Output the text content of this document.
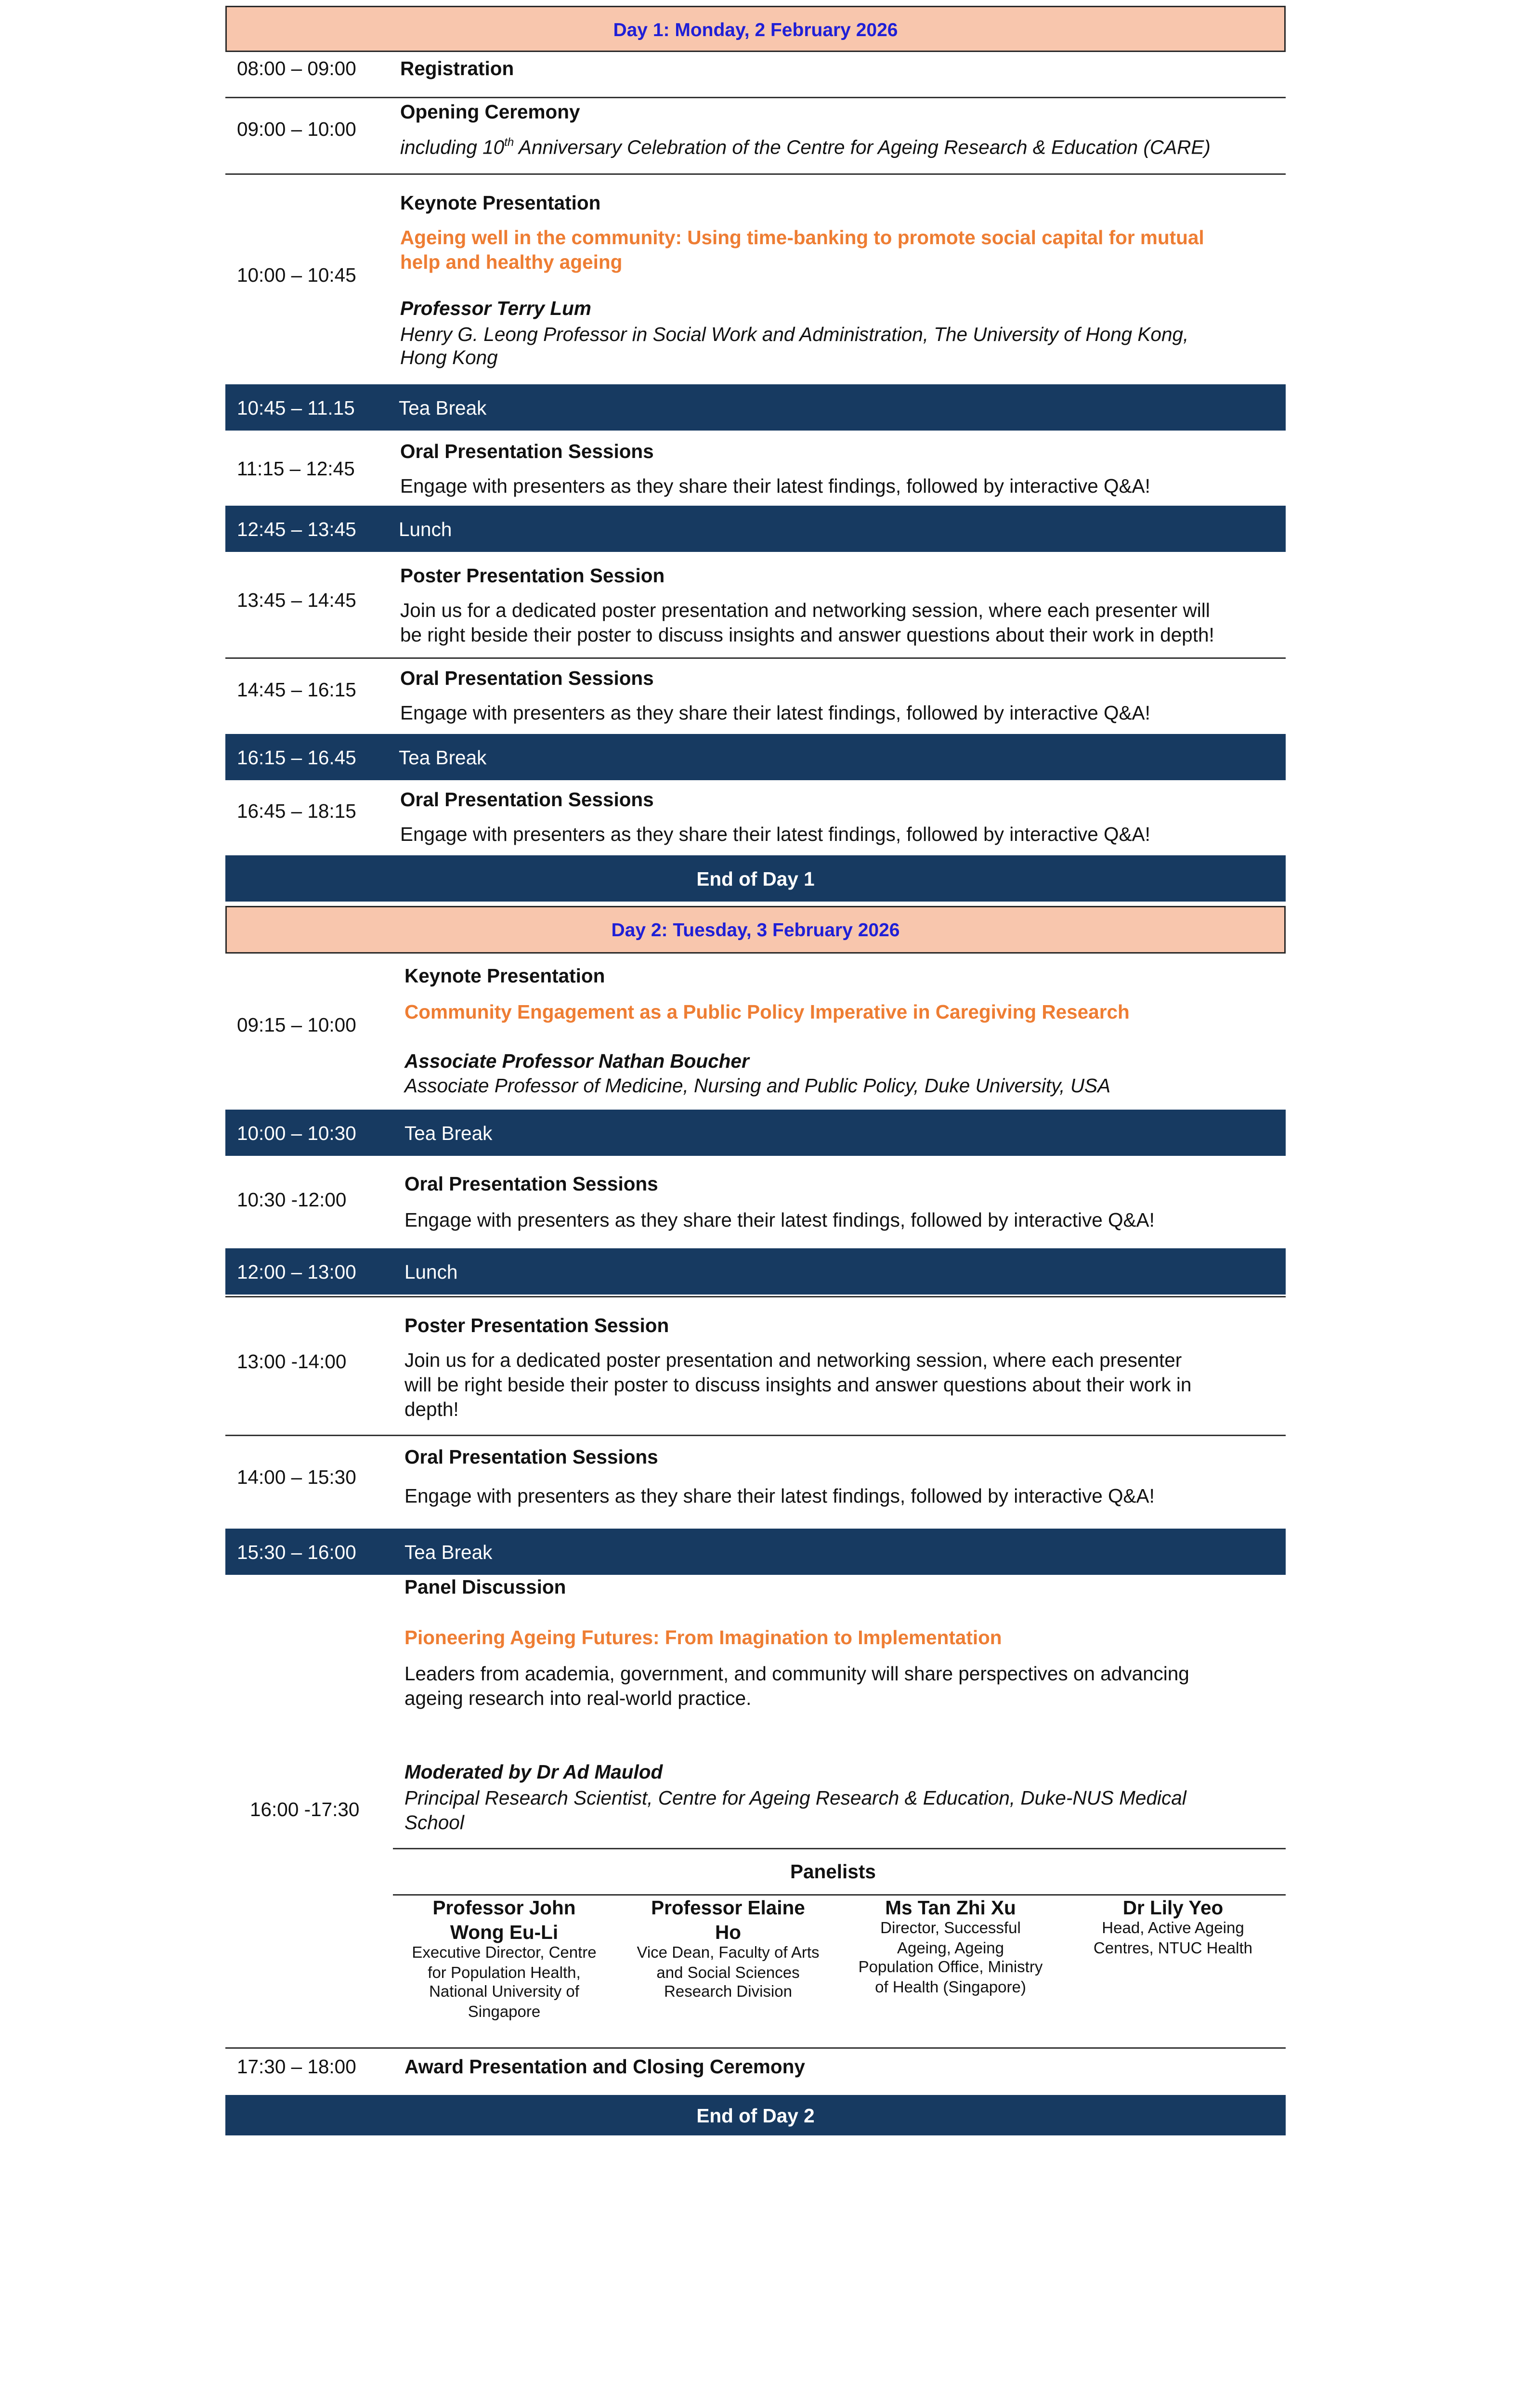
Day 1: Monday, 2 February 2026
08:00 – 09:00	Registration
09:00 – 10:00
Opening Ceremony
including 10th Anniversary Celebration of the Centre for Ageing Research & Education (CARE)
10:00 – 10:45
Keynote Presentation
Ageing well in the community: Using time-banking to promote social capital for mutual
help and healthy ageing
Professor Terry Lum
Henry G. Leong Professor in Social Work and Administration, The University of Hong Kong,
Hong Kong
10:45 – 11.15	Tea Break
11:15 – 12:45
Oral Presentation Sessions
Engage with presenters as they share their latest findings, followed by interactive Q&A!
12:45 – 13:45	Lunch
13:45 – 14:45
Poster Presentation Session
Join us for a dedicated poster presentation and networking session, where each presenter will
be right beside their poster to discuss insights and answer questions about their work in depth!
14:45 – 16:15
Oral Presentation Sessions
Engage with presenters as they share their latest findings, followed by interactive Q&A!
16:15 – 16.45	Tea Break
16:45 – 18:15
Oral Presentation Sessions
Engage with presenters as they share their latest findings, followed by interactive Q&A!
End of Day 1
Day 2: Tuesday, 3 February 2026
09:15 – 10:00
Keynote Presentation
Community Engagement as a Public Policy Imperative in Caregiving Research
Associate Professor Nathan Boucher
Associate Professor of Medicine, Nursing and Public Policy, Duke University, USA
10:00 – 10:30	Tea Break
10:30 -12:00
Oral Presentation Sessions
Engage with presenters as they share their latest findings, followed by interactive Q&A!
12:00 – 13:00	Lunch
13:00 -14:00
Poster Presentation Session
Join us for a dedicated poster presentation and networking session, where each presenter
will be right beside their poster to discuss insights and answer questions about their work in
depth!
14:00 – 15:30
Oral Presentation Sessions
Engage with presenters as they share their latest findings, followed by interactive Q&A!
15:30 – 16:00	Tea Break
16:00 -17:30
Panel Discussion
Pioneering Ageing Futures: From Imagination to Implementation
Leaders from academia, government, and community will share perspectives on advancing
ageing research into real-world practice.
Moderated by Dr Ad Maulod
Principal Research Scientist, Centre for Ageing Research & Education, Duke-NUS Medical
School
Panelists
Professor John
Wong Eu-Li
Executive Director, Centre
for Population Health,
National University of
Singapore
Professor Elaine
Ho
Vice Dean, Faculty of Arts
and Social Sciences
Research Division
Ms Tan Zhi Xu
Director, Successful
Ageing, Ageing
Population Office, Ministry
of Health (Singapore)
Dr Lily Yeo
Head, Active Ageing
Centres, NTUC Health
17:30 – 18:00	Award Presentation and Closing Ceremony
End of Day 2
